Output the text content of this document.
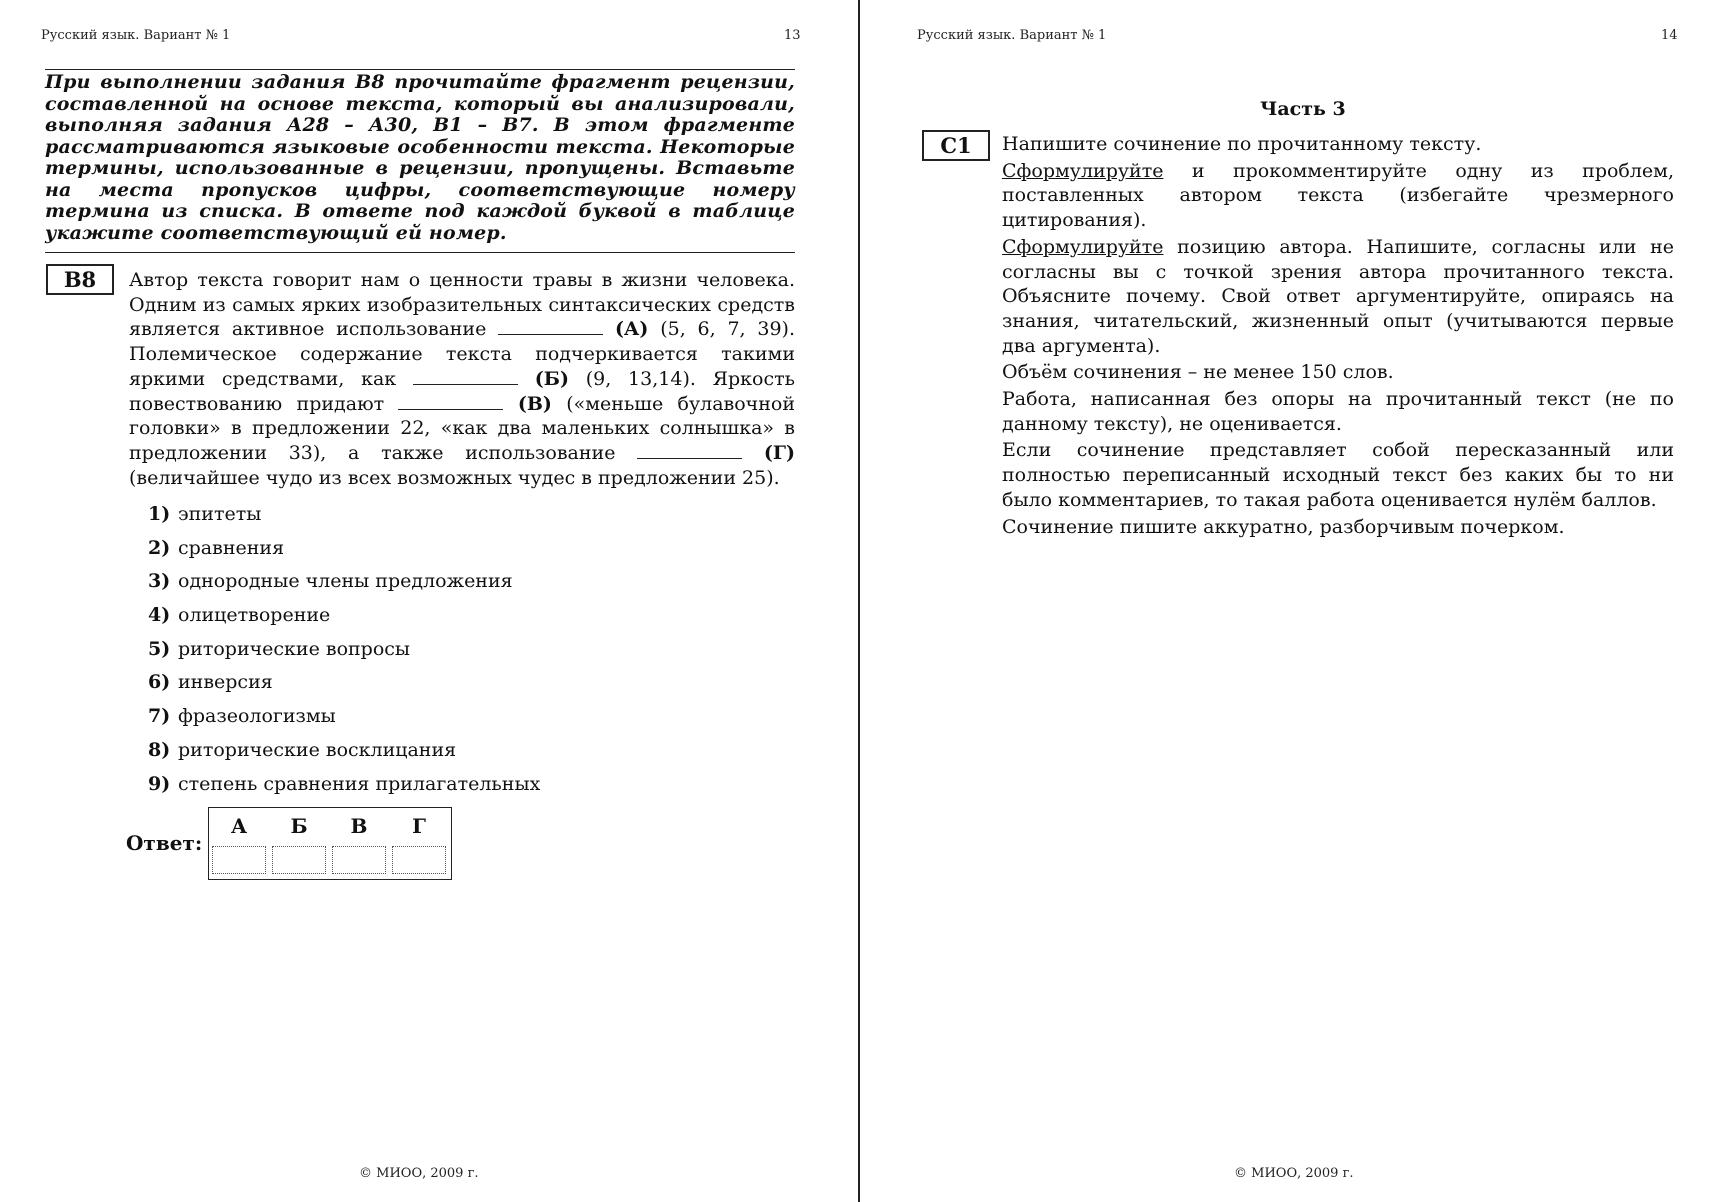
Русский язык. Вариант № 1	13
При выполнении задания В8 прочитайте фрагмент рецензии, составленной на основе текста, который вы анализировали, выполняя задания А28 – А30, В1 – В7. В этом фрагменте рассматриваются языковые особенности текста. Некоторые термины, использованные в рецензии, пропущены. Вставьте на места пропусков цифры, соответствующие номеру термина из списка. В ответе под каждой буквой в таблице укажите соответствующий ей номер.
B8	Автор текста говорит нам о ценности травы в жизни человека. Одним из самых ярких изобразительных синтаксических средств является активное использование	(А) (5, 6, 7, 39). Полемическое содержание текста подчеркивается такими яркими средствами, как	(Б) (9, 13,14). Яркость повествованию придают	(В) («меньше булавочной головки» в предложении 22, «как два маленьких солнышка» в предложении 33), а также использование	(Г) (величайшее чудо из всех возможных чудес в предложении 25).
1) эпитеты
2) сравнения
3) однородные члены предложения
4) олицетворение
5) риторические вопросы
6) инверсия
7) фразеологизмы
8) риторические восклицания
9) степень сравнения прилагательных
Ответ:
А	Б	В	Г
© МИОО, 2009 г.
Русский язык. Вариант № 1	14
Часть 3
C1	Напишите сочинение по прочитанному тексту.

Сформулируйте и прокомментируйте одну из проблем, поставленных автором текста (избегайте чрезмерного цитирования).

Сформулируйте позицию автора. Напишите, согласны или не согласны вы с точкой зрения автора прочитанного текста. Объясните почему. Свой ответ аргументируйте, опираясь на знания, читательский, жизненный опыт (учитываются первые два аргумента).

Объём сочинения – не менее 150 слов.

Работа, написанная без опоры на прочитанный текст (не по данному тексту), не оценивается.

Если сочинение представляет собой пересказанный или полностью переписанный исходный текст без каких бы то ни было комментариев, то такая работа оценивается нулём баллов.

Сочинение пишите аккуратно, разборчивым почерком.

© МИОО, 2009 г.
